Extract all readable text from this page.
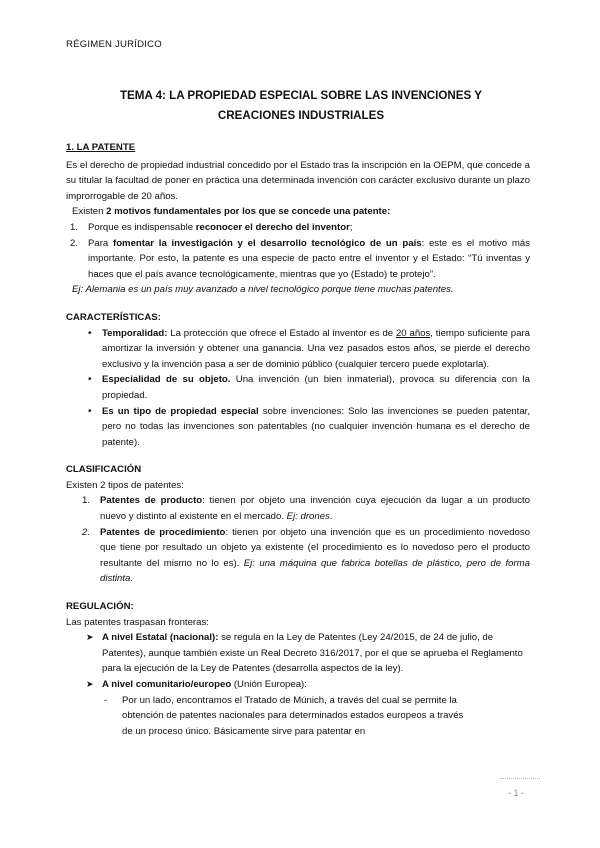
RÉGIMEN JURÍDICO
TEMA 4: LA PROPIEDAD ESPECIAL SOBRE LAS INVENCIONES Y
CREACIONES INDUSTRIALES

1. LA PATENTE

Es el derecho de propiedad industrial concedido por el Estado tras la inscripción en la OEPM, que concede a su titular la facultad de poner en práctica una determinada invención con carácter exclusivo durante un plazo improrrogable de 20 años.

Existen 2 motivos fundamentales por los que se concede una patente:

1. Porque es indispensable reconocer el derecho del inventor;
2. Para fomentar la investigación y el desarrollo tecnológico de un país: este es el motivo más importante. Por esto, la patente es una especie de pacto entre el inventor y el Estado: “Tú inventas y haces que el país avance tecnológicamente, mientras que yo (Estado) te protejo”.

Ej: Alemania es un país muy avanzado a nivel tecnológico porque tiene muchas patentes.

CARACTERÍSTICAS:

• Temporalidad: La protección que ofrece el Estado al inventor es de 20 años, tiempo suficiente para amortizar la inversión y obtener una ganancia. Una vez pasados estos años, se pierde el derecho exclusivo y la invención pasa a ser de dominio público (cualquier tercero puede explotarla).
• Especialidad de su objeto. Una invención (un bien inmaterial), provoca su diferencia con la propiedad.
• Es un tipo de propiedad especial sobre invenciones: Solo las invenciones se pueden patentar, pero no todas las invenciones son patentables (no cualquier invención humana es el derecho de patente).

CLASIFICACIÓN

Existen 2 tipos de patentes:

1. Patentes de producto: tienen por objeto una invención cuya ejecución da lugar a un producto nuevo y distinto al existente en el mercado. Ej: drones.
2. Patentes de procedimiento: tienen por objeto una invención que es un procedimiento novedoso que tiene por resultado un objeto ya existente (el procedimiento es lo novedoso pero el producto resultante del mismo no lo es). Ej: una máquina que fabrica botellas de plástico, pero de forma distinta.

REGULACIÓN:

Las patentes traspasan fronteras:

➤ A nivel Estatal (nacional): se regula en la Ley de Patentes (Ley 24/2015, de 24 de julio, de Patentes), aunque también existe un Real Decreto 316/2017, por el que se aprueba el Reglamento para la ejecución de la Ley de Patentes (desarrolla aspectos de la ley).
➤ A nivel comunitario/europeo (Unión Europea):

- Por un lado, encontramos el Tratado de Múnich, a través del cual se permite la obtención de patentes nacionales para determinados estados europeos a través de un proceso único. Básicamente sirve para patentar en

- 1 -
